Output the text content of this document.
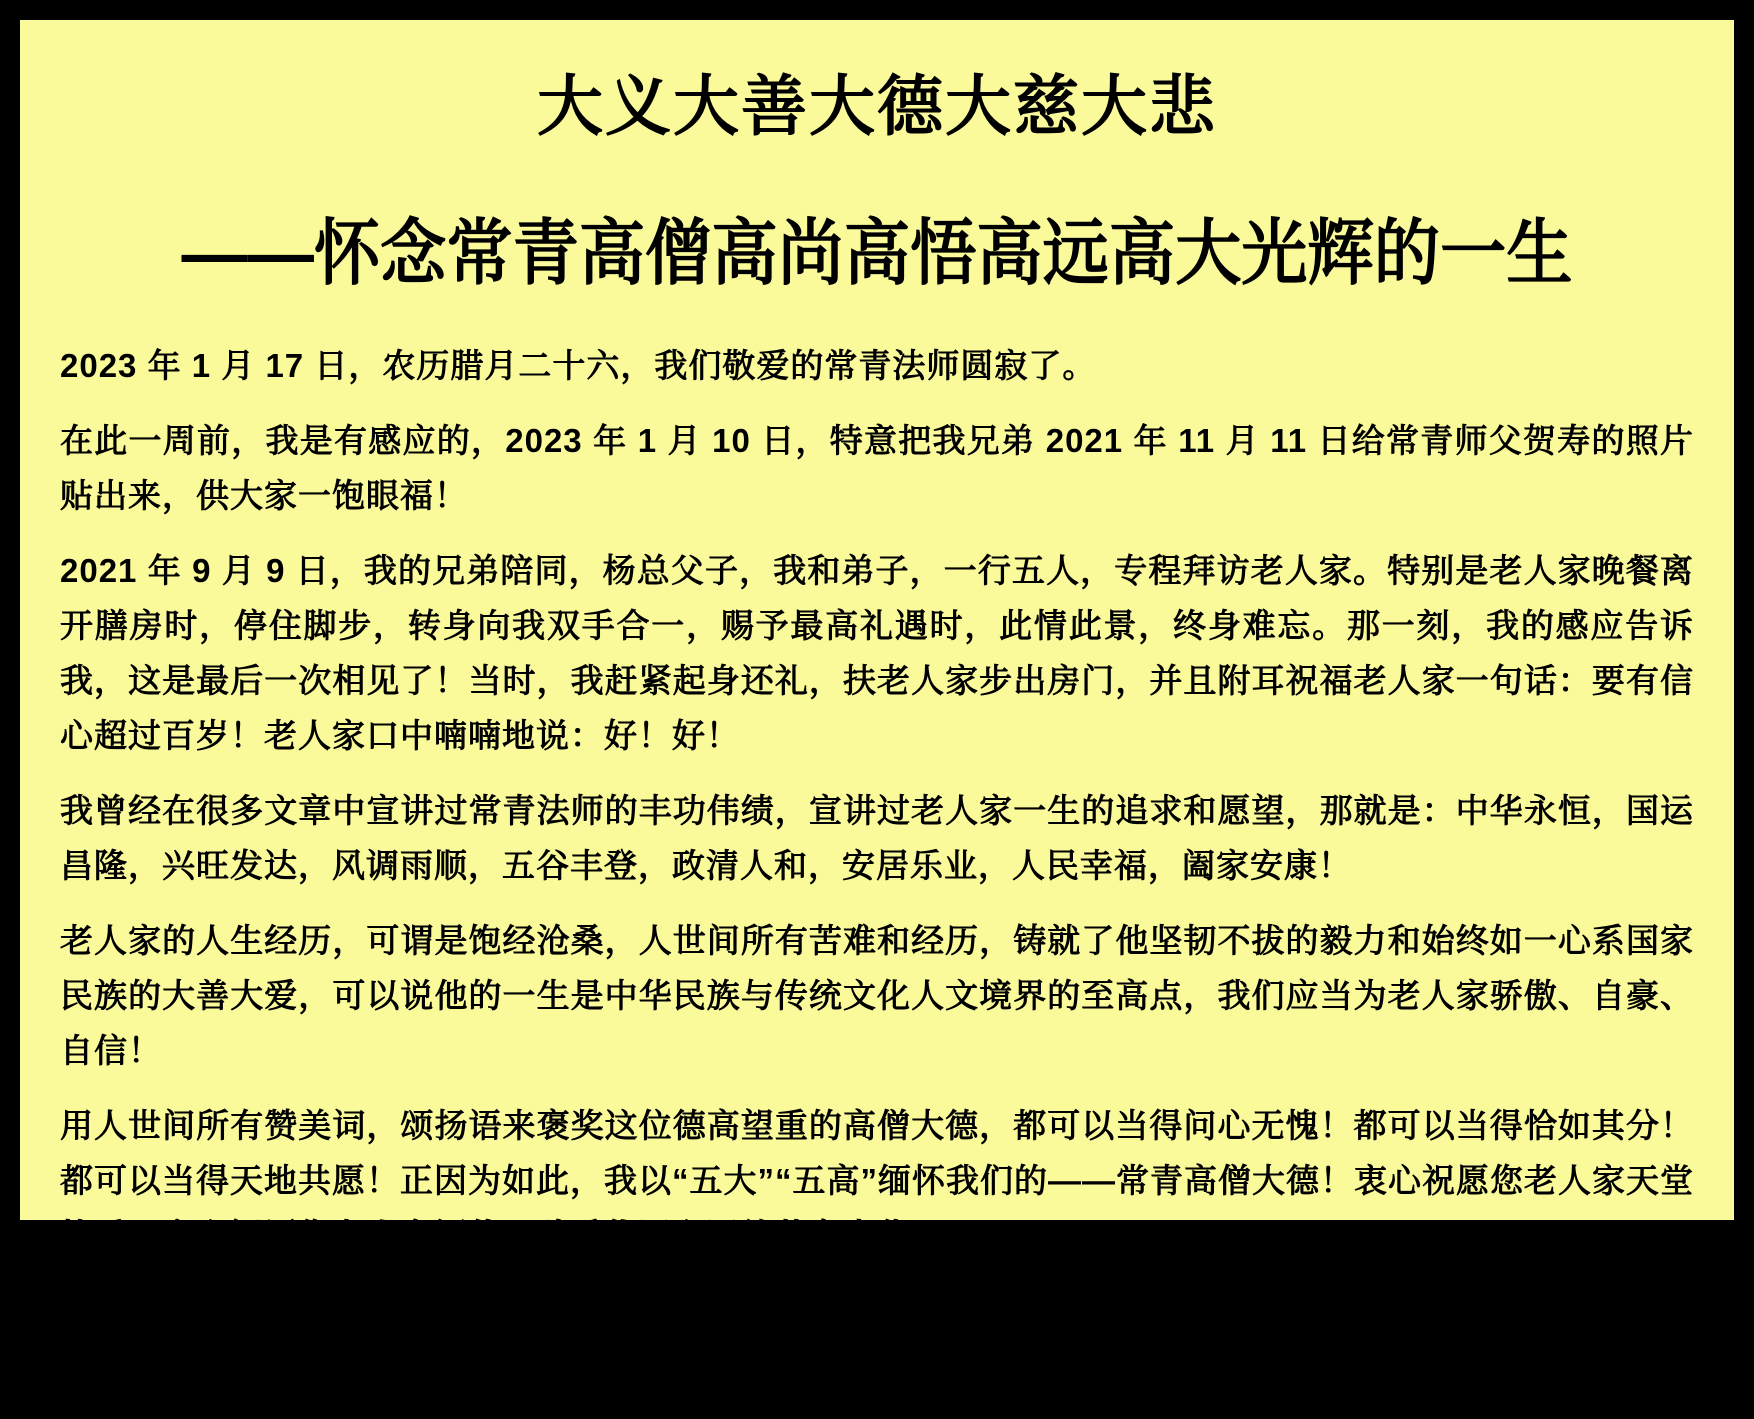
大义大善大德大慈大悲
——怀念常青高僧高尚高悟高远高大光辉的一生

2023 年 1 月 17 日，农历腊月二十六，我们敬爱的常青法师圆寂了。

在此一周前，我是有感应的，2023 年 1 月 10 日，特意把我兄弟 2021 年 11 月 11 日给常青师父贺寿的照片贴出来，供大家一饱眼福！

2021 年 9 月 9 日，我的兄弟陪同，杨总父子，我和弟子，一行五人，专程拜访老人家。特别是老人家晚餐离开膳房时，停住脚步，转身向我双手合一，赐予最高礼遇时，此情此景，终身难忘。那一刻，我的感应告诉我，这是最后一次相见了！当时，我赶紧起身还礼，扶老人家步出房门，并且附耳祝福老人家一句话：要有信心超过百岁！老人家口中喃喃地说：好！好！

我曾经在很多文章中宣讲过常青法师的丰功伟绩，宣讲过老人家一生的追求和愿望，那就是：中华永恒，国运昌隆，兴旺发达，风调雨顺，五谷丰登，政清人和，安居乐业，人民幸福，阖家安康！

老人家的人生经历，可谓是饱经沧桑，人世间所有苦难和经历，铸就了他坚韧不拔的毅力和始终如一心系国家民族的大善大爱，可以说他的一生是中华民族与传统文化人文境界的至高点，我们应当为老人家骄傲、自豪、自信！

用人世间所有赞美词，颂扬语来褒奖这位德高望重的高僧大德，都可以当得问心无愧！都可以当得恰如其分！都可以当得天地共愿！正因为如此，我以“五大”“五高”缅怀我们的——常青高僧大德！衷心祝愿您老人家天堂快乐！衷心祝愿您老人家福佑子孙后代同心同德共襄中华！

谨以此文，作为山西华恒远建设发展有限公司全体员工及家属，对常青大喇嘛永久的感恩与怀念！

大道理 2023 年 1 月 25 日 14:48:17
